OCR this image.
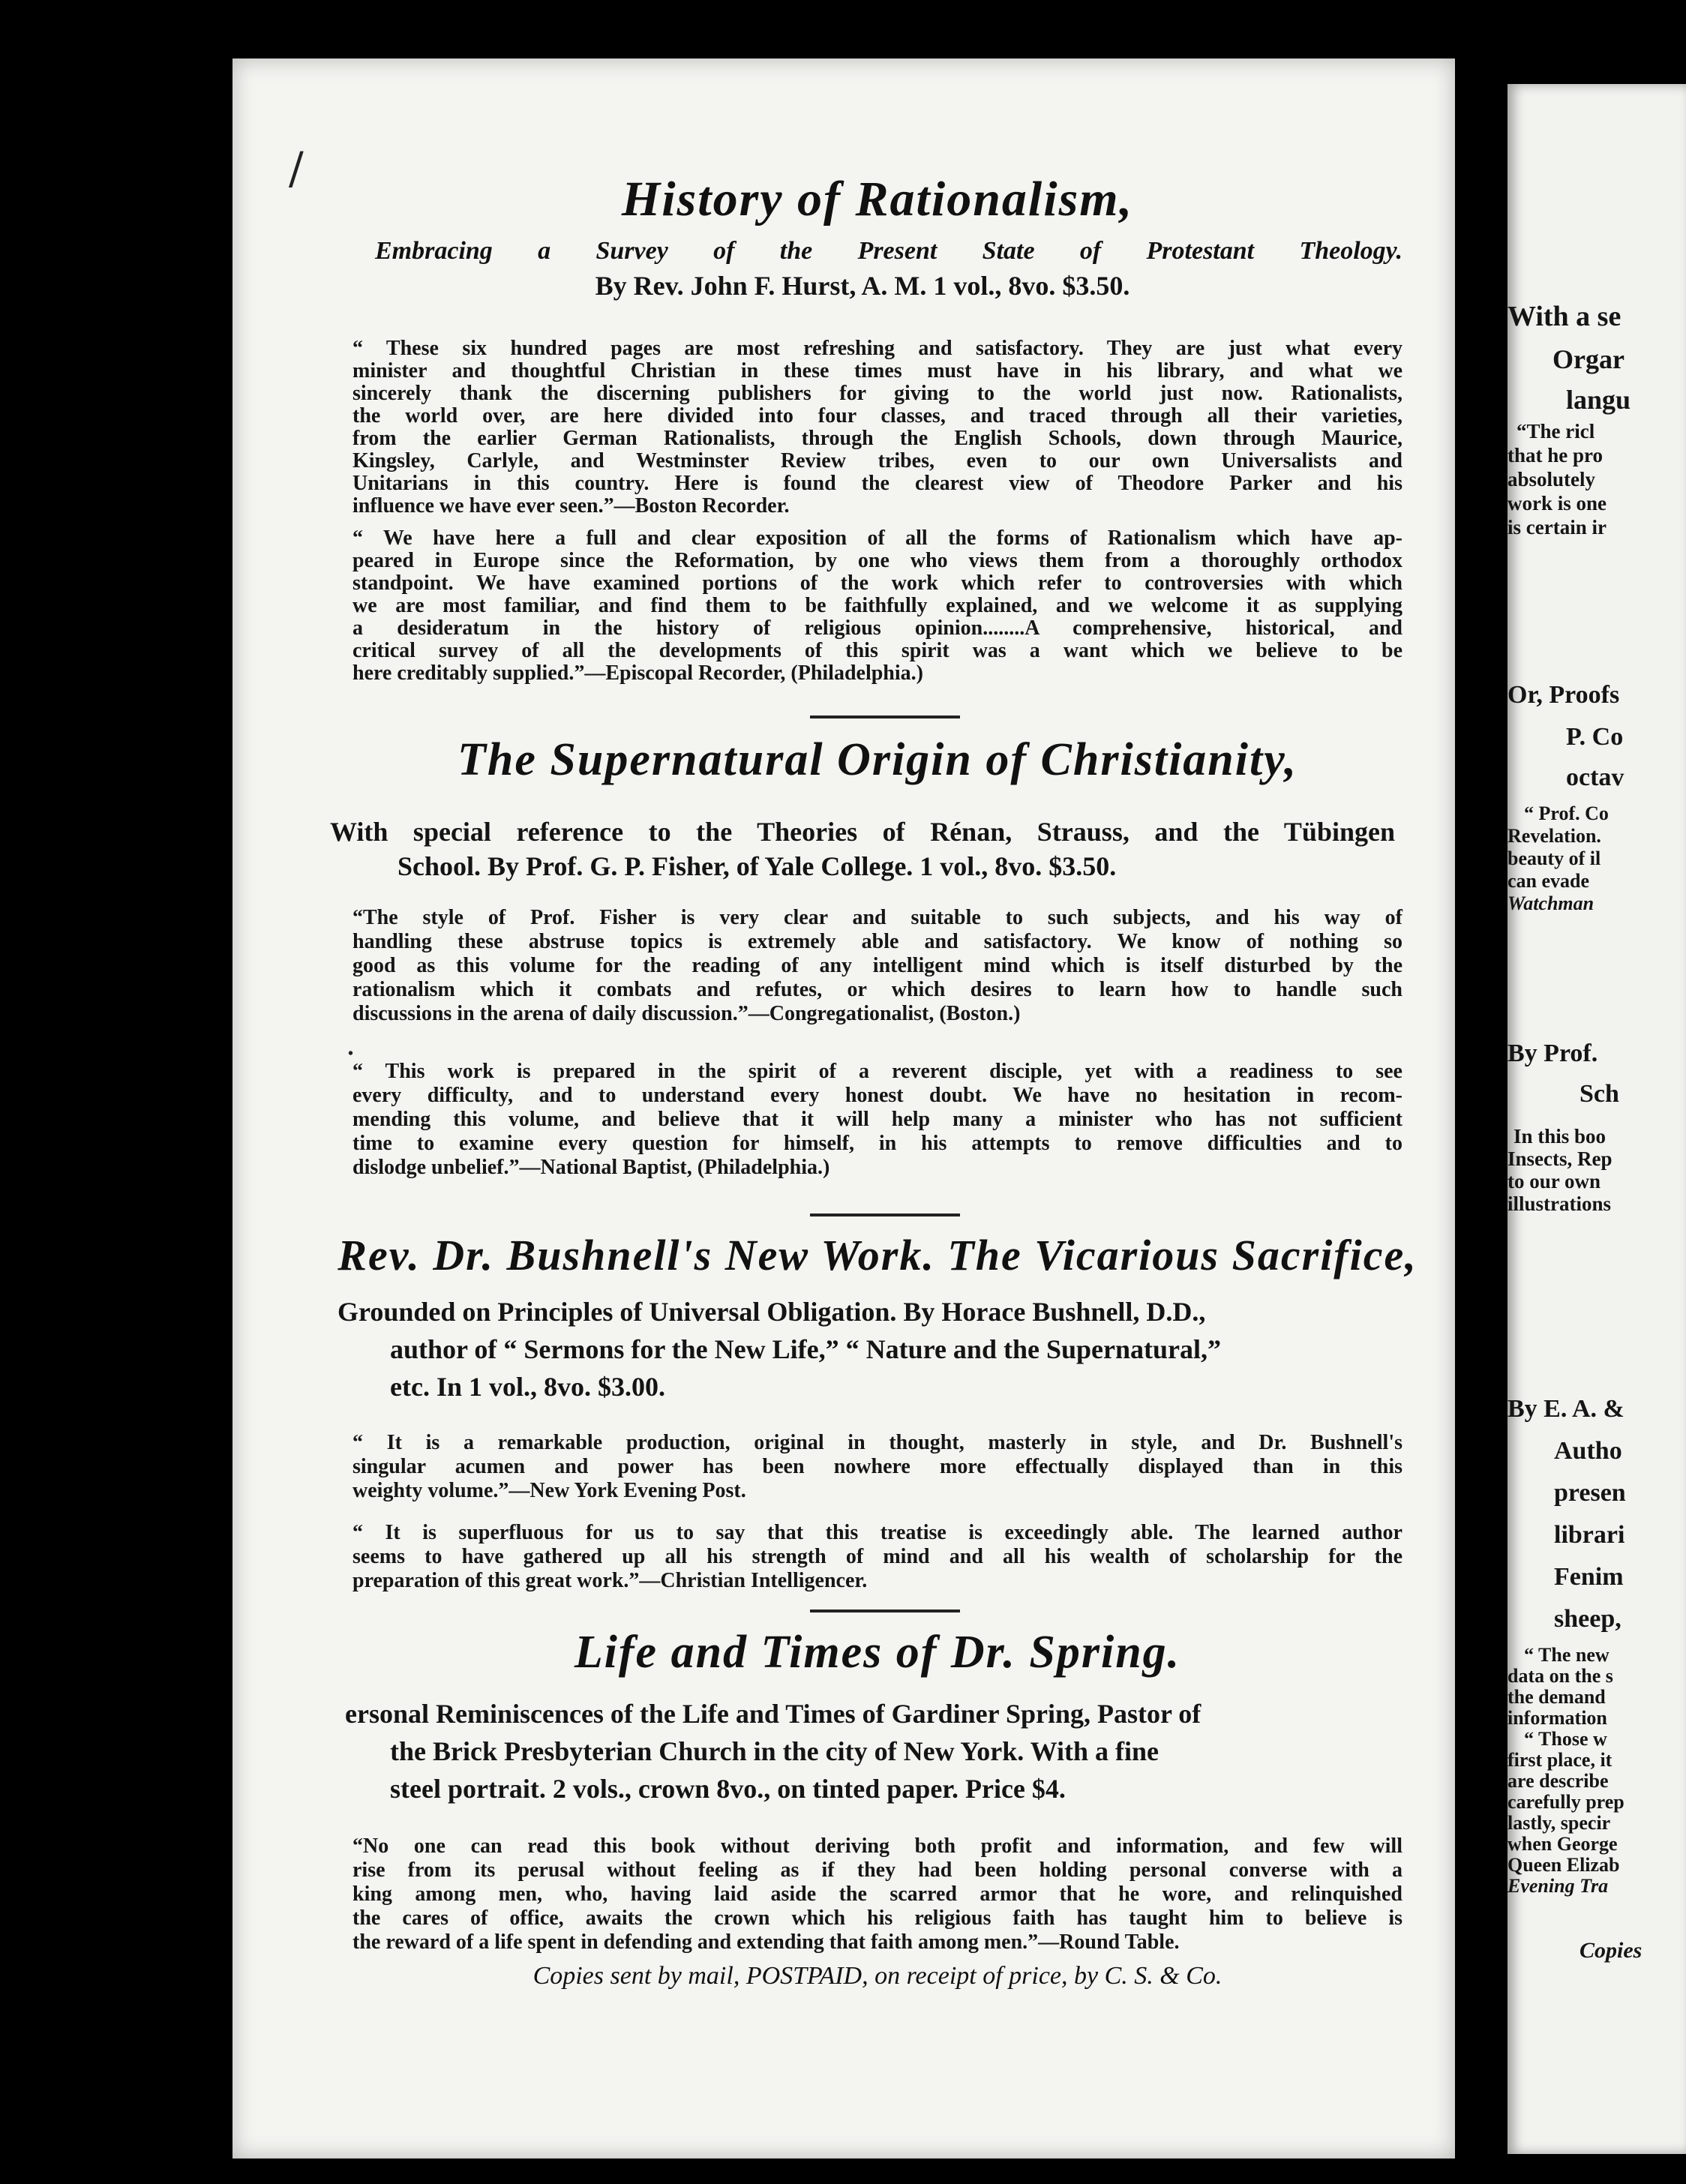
History of Rationalism,
Embracing a Survey of the Present State of Protestant Theology.
By Rev. John F. Hurst, A. M. 1 vol., 8vo. $3.50.
“ These six hundred pages are most refreshing and satisfactory. They are just what every
minister and thoughtful Christian in these times must have in his library, and what we
sincerely thank the discerning publishers for giving to the world just now. Rationalists,
the world over, are here divided into four classes, and traced through all their varieties,
from the earlier German Rationalists, through the English Schools, down through Maurice,
Kingsley, Carlyle, and Westminster Review tribes, even to our own Universalists and
Unitarians in this country. Here is found the clearest view of Theodore Parker and his
influence we have ever seen.”—Boston Recorder.
“ We have here a full and clear exposition of all the forms of Rationalism which have ap-
peared in Europe since the Reformation, by one who views them from a thoroughly orthodox
standpoint. We have examined portions of the work which refer to controversies with which
we are most familiar, and find them to be faithfully explained, and we welcome it as supplying
a desideratum in the history of religious opinion........A comprehensive, historical, and
critical survey of all the developments of this spirit was a want which we believe to be
here creditably supplied.”—Episcopal Recorder, (Philadelphia.)
The Supernatural Origin of Christianity,
With special reference to the Theories of Rénan, Strauss, and the Tübingen
School. By Prof. G. P. Fisher, of Yale College. 1 vol., 8vo. $3.50.
“The style of Prof. Fisher is very clear and suitable to such subjects, and his way of
handling these abstruse topics is extremely able and satisfactory. We know of nothing so
good as this volume for the reading of any intelligent mind which is itself disturbed by the
rationalism which it combats and refutes, or which desires to learn how to handle such
discussions in the arena of daily discussion.”—Congregationalist, (Boston.)
“ This work is prepared in the spirit of a reverent disciple, yet with a readiness to see
every difficulty, and to understand every honest doubt. We have no hesitation in recom-
mending this volume, and believe that it will help many a minister who has not sufficient
time to examine every question for himself, in his attempts to remove difficulties and to
dislodge unbelief.”—National Baptist, (Philadelphia.)
Rev. Dr. Bushnell's New Work. The Vicarious Sacrifice,
Grounded on Principles of Universal Obligation. By Horace Bushnell, D.D.,
author of “ Sermons for the New Life,” “ Nature and the Supernatural,”
etc. In 1 vol., 8vo. $3.00.
“ It is a remarkable production, original in thought, masterly in style, and Dr. Bushnell's
singular acumen and power has been nowhere more effectually displayed than in this
weighty volume.”—New York Evening Post.
“ It is superfluous for us to say that this treatise is exceedingly able. The learned author
seems to have gathered up all his strength of mind and all his wealth of scholarship for the
preparation of this great work.”—Christian Intelligencer.
Life and Times of Dr. Spring.
ersonal Reminiscences of the Life and Times of Gardiner Spring, Pastor of
the Brick Presbyterian Church in the city of New York. With a fine
steel portrait. 2 vols., crown 8vo., on tinted paper. Price $4.
“No one can read this book without deriving both profit and information, and few will
rise from its perusal without feeling as if they had been holding personal converse with a
king among men, who, having laid aside the scarred armor that he wore, and relinquished
the cares of office, awaits the crown which his religious faith has taught him to believe is
the reward of a life spent in defending and extending that faith among men.”—Round Table.
Copies sent by mail, POSTPAID, on receipt of price, by C. S. & Co.
⧸
•
With a se
Orgar
langu
“The ricl
that he pro
absolutely
work is one
is certain ir
Or, Proofs
P. Co
octav
“ Prof. Co
Revelation.
beauty of il
can evade
Watchman
By Prof.
Sch
In this boo
Insects, Rep
to our own
illustrations
By E. A. &
Autho
presen
librari
Fenim
sheep,
“ The new
data on the s
the demand
information
“ Those w
first place, it
are describe
carefully prep
lastly, specir
when George
Queen Elizab
Evening Tra
Copies
